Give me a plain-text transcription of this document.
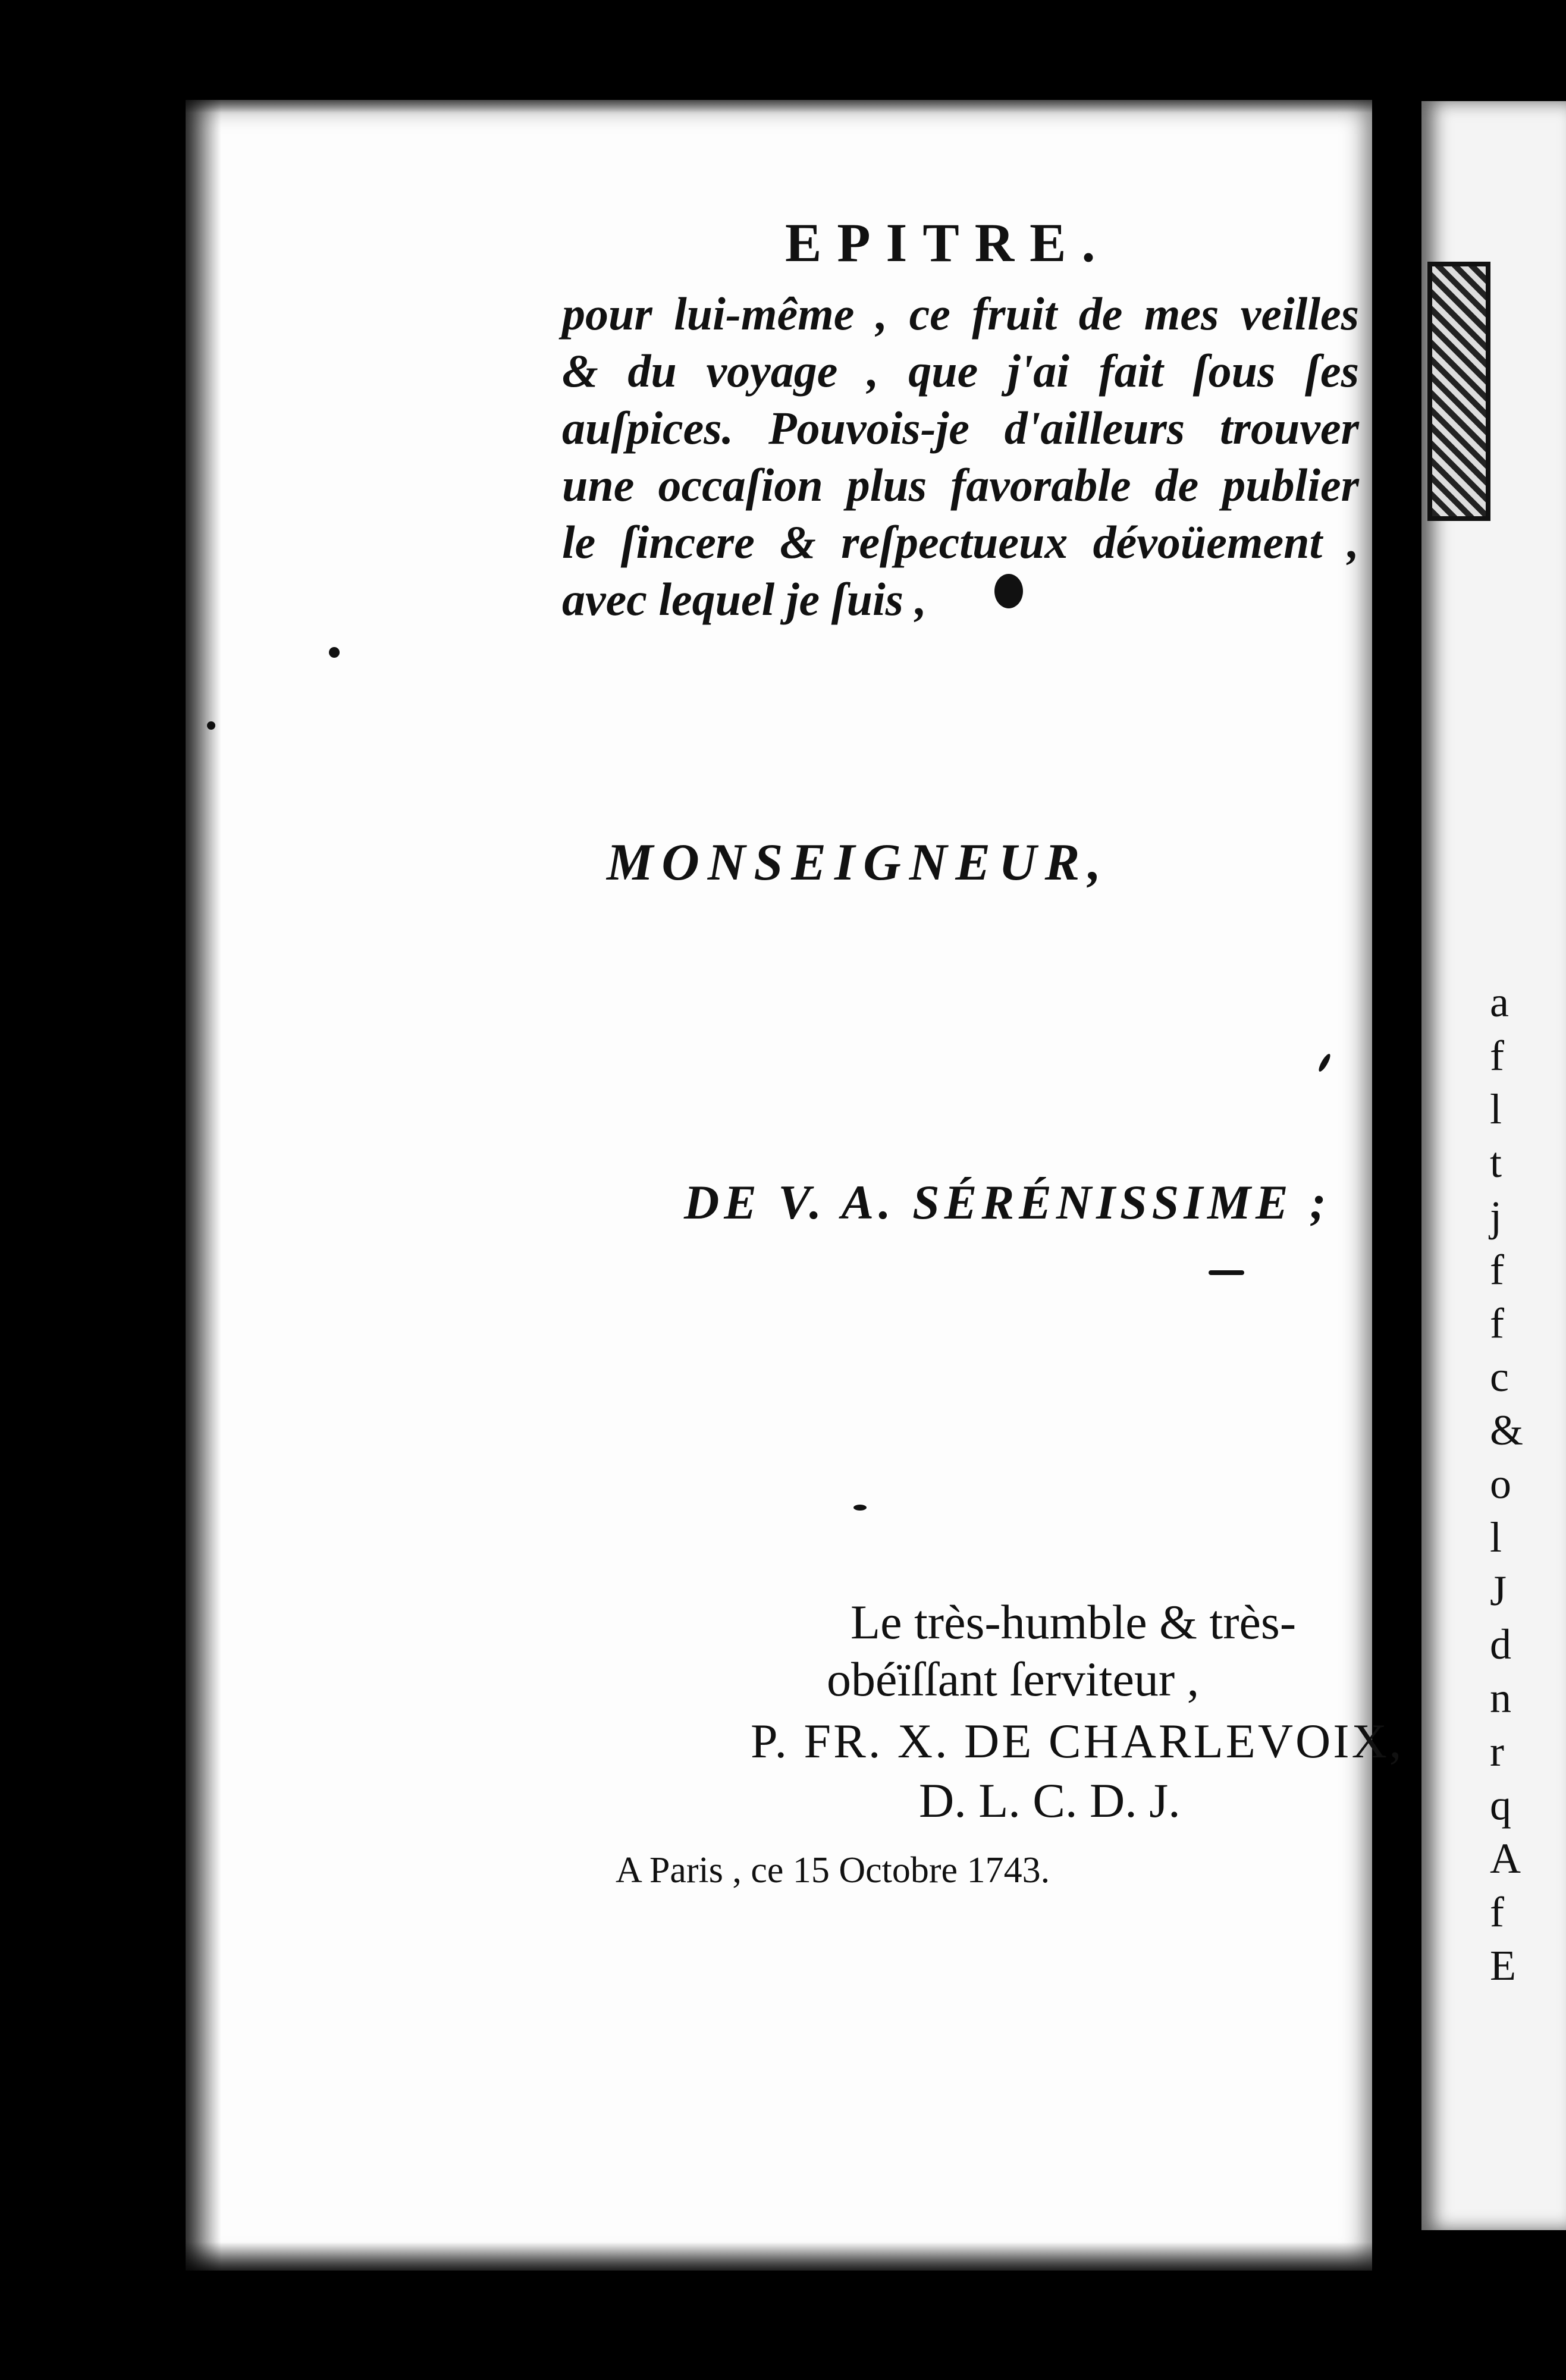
a
f
l
t
j
f
f
c
&
o
l
J
d
n
r
q
A
f
E
EPITRE.
pour lui-même , ce fruit de mes veilles
& du voyage , que j'ai fait ſous ſes
auſpices. Pouvois-je d'ailleurs trouver
une occaſion plus favorable de publier
le ſincere & reſpectueux dévoüement ,
avec lequel je ſuis ,
MONSEIGNEUR,
DE V. A. SÉRÉNISSIME ;
Le très-humble & très-
obéïſſant ſerviteur ,
P. FR. X. DE CHARLEVOIX,
D. L. C. D. J.
A Paris , ce 15 Octobre 1743.
